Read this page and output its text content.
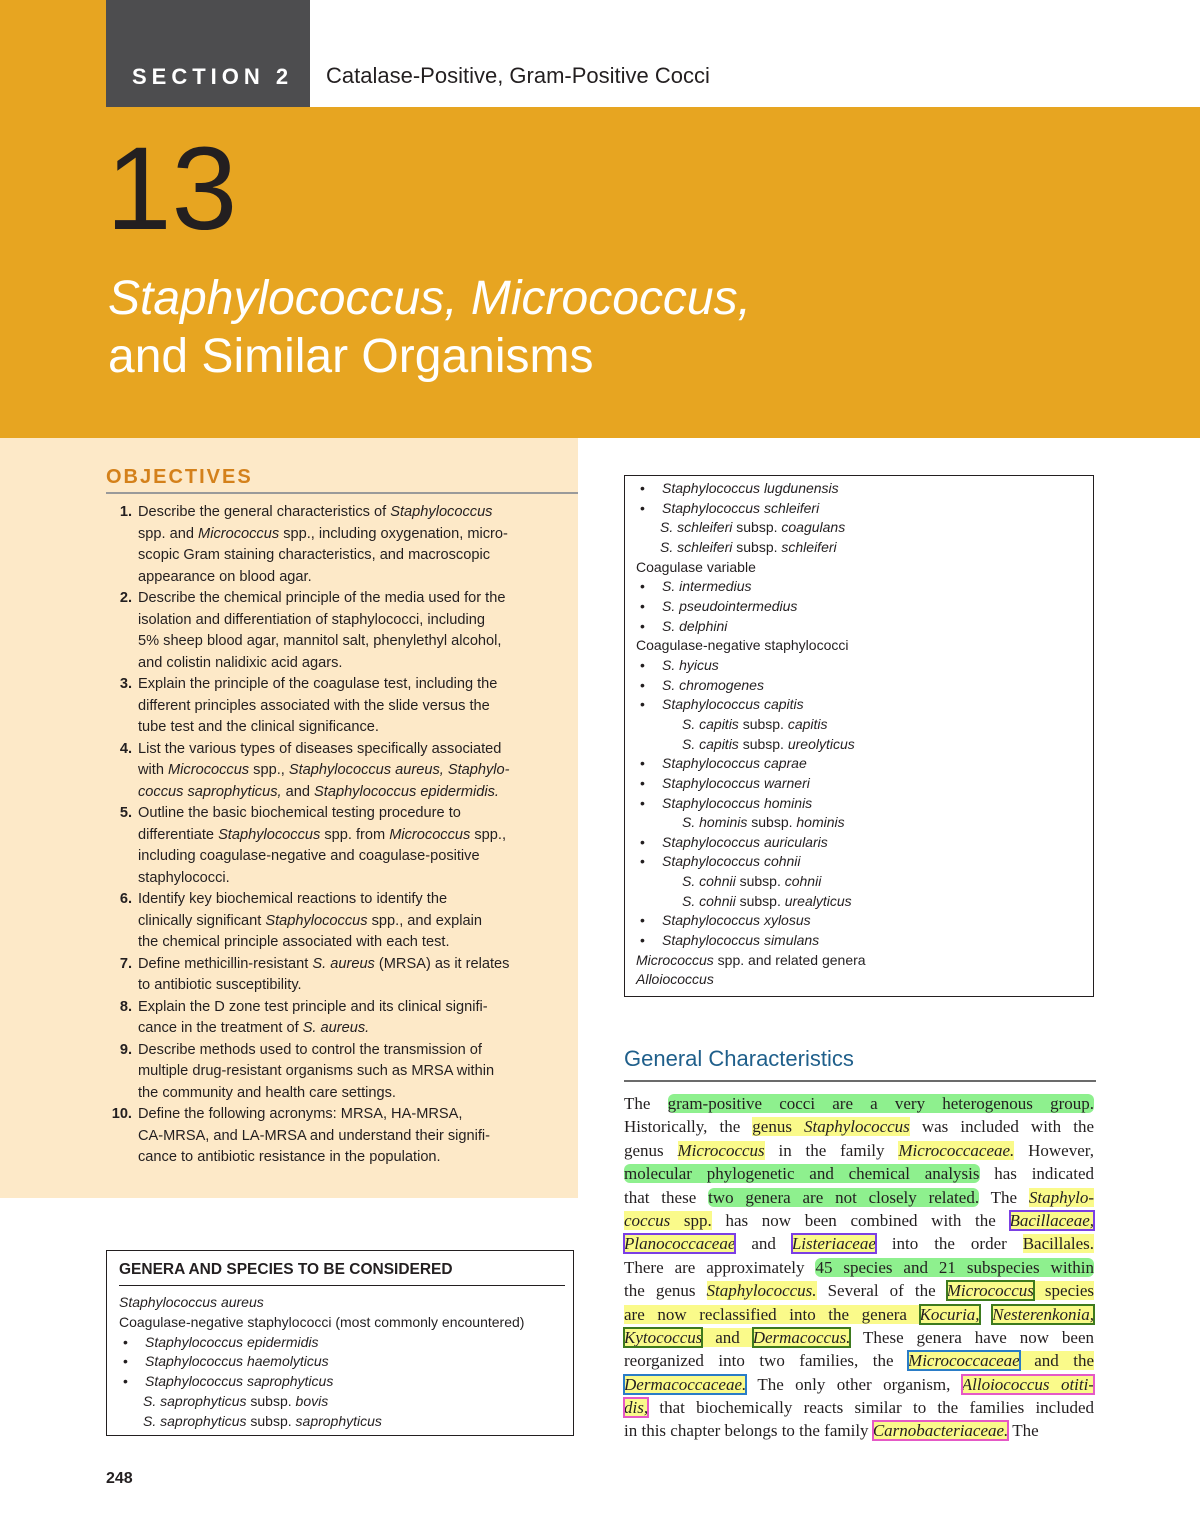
SECTION 2 Catalase-Positive, Gram-Positive Cocci
13
Staphylococcus, Micrococcus,
and Similar Organisms
OBJECTIVES
1. Describe the general characteristics of Staphylococcus
spp. and Micrococcus spp., including oxygenation, micro-
scopic Gram staining characteristics, and macroscopic
appearance on blood agar.
2. Describe the chemical principle of the media used for the
isolation and differentiation of staphylococci, including
5% sheep blood agar, mannitol salt, phenylethyl alcohol,
and colistin nalidixic acid agars.
3. Explain the principle of the coagulase test, including the
different principles associated with the slide versus the
tube test and the clinical significance.
4. List the various types of diseases specifically associated
with Micrococcus spp., Staphylococcus aureus, Staphylo-
coccus saprophyticus, and Staphylococcus epidermidis.
5. Outline the basic biochemical testing procedure to
differentiate Staphylococcus spp. from Micrococcus spp.,
including coagulase-negative and coagulase-positive
staphylococci.
6. Identify key biochemical reactions to identify the
clinically significant Staphylococcus spp., and explain
the chemical principle associated with each test.
7. Define methicillin-resistant S. aureus (MRSA) as it relates
to antibiotic susceptibility.
8. Explain the D zone test principle and its clinical signifi-
cance in the treatment of S. aureus.
9. Describe methods used to control the transmission of
multiple drug-resistant organisms such as MRSA within
the community and health care settings.
10. Define the following acronyms: MRSA, HA-MRSA,
CA-MRSA, and LA-MRSA and understand their signifi-
cance to antibiotic resistance in the population.
GENERA AND SPECIES TO BE CONSIDERED
Staphylococcus aureus
Coagulase-negative staphylococci (most commonly encountered)
• Staphylococcus epidermidis
• Staphylococcus haemolyticus
• Staphylococcus saprophyticus
S. saprophyticus subsp. bovis
S. saprophyticus subsp. saprophyticus
• Staphylococcus lugdunensis
• Staphylococcus schleiferi
S. schleiferi subsp. coagulans
S. schleiferi subsp. schleiferi
Coagulase variable
• S. intermedius
• S. pseudointermedius
• S. delphini
Coagulase-negative staphylococci
• S. hyicus
• S. chromogenes
• Staphylococcus capitis
S. capitis subsp. capitis
S. capitis subsp. ureolyticus
• Staphylococcus caprae
• Staphylococcus warneri
• Staphylococcus hominis
S. hominis subsp. hominis
• Staphylococcus auricularis
• Staphylococcus cohnii
S. cohnii subsp. cohnii
S. cohnii subsp. urealyticus
• Staphylococcus xylosus
• Staphylococcus simulans
Micrococcus spp. and related genera
Alloiococcus
General Characteristics
The gram-positive cocci are a very heterogenous group.
Historically, the genus Staphylococcus was included with the
genus Micrococcus in the family Micrococcaceae. However,
molecular phylogenetic and chemical analysis has indicated
that these two genera are not closely related. The Staphylo-
coccus spp. has now been combined with the Bacillaceae,
Planococcaceae and Listeriaceae into the order Bacillales.
There are approximately 45 species and 21 subspecies within
the genus Staphylococcus. Several of the Micrococcus species
are now reclassified into the genera Kocuria, Nesterenkonia,
Kytococcus and Dermacoccus. These genera have now been
reorganized into two families, the Micrococcaceae and the
Dermacoccaceae. The only other organism, Alloiococcus otiti-
dis, that biochemically reacts similar to the families included
in this chapter belongs to the family Carnobacteriaceae. The
248
